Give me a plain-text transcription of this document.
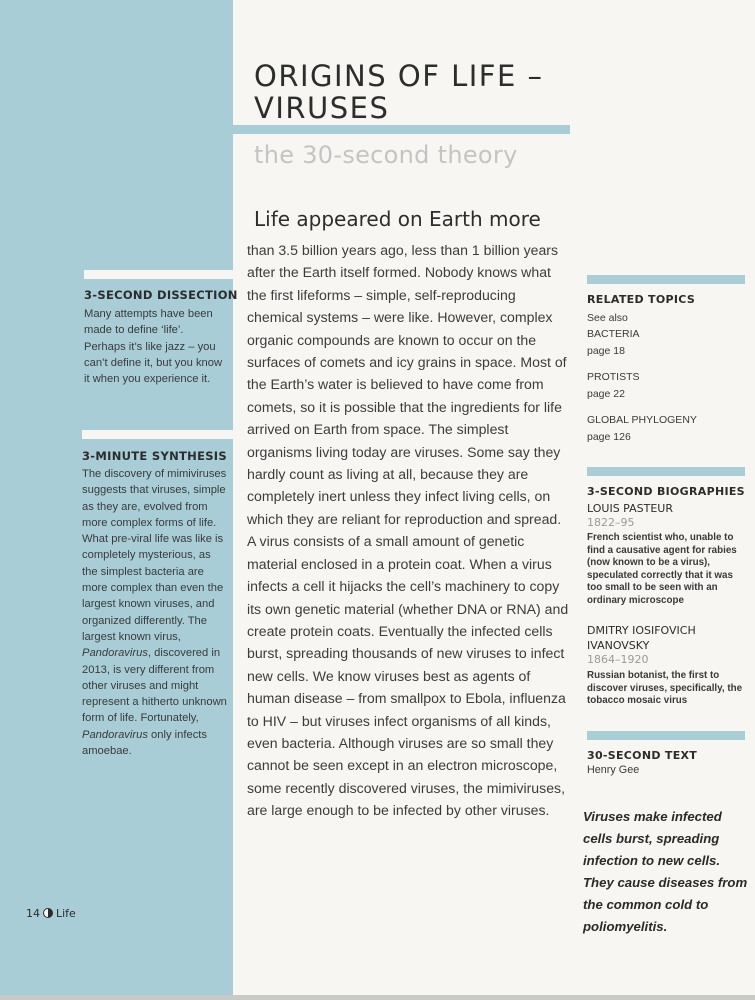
3-SECOND DISSECTION

Many attempts have been made to define ‘life’. Perhaps it’s like jazz – you can’t define it, but you know it when you experience it.

3-MINUTE SYNTHESIS

The discovery of mimiviruses suggests that viruses, simple as they are, evolved from more complex forms of life. What pre-viral life was like is completely mysterious, as the simplest bacteria are more complex than even the largest known viruses, and organized differently. The largest known virus, Pandoravirus, discovered in 2013, is very different from other viruses and might represent a hitherto unknown form of life. Fortunately, Pandoravirus only infects amoebae.

14 Life
ORIGINS OF LIFE – VIRUSES
the 30-second theory

Life appeared on Earth more

than 3.5 billion years ago, less than 1 billion years after the Earth itself formed. Nobody knows what the first lifeforms – simple, self-reproducing chemical systems – were like. However, complex organic compounds are known to occur on the surfaces of comets and icy grains in space. Most of the Earth’s water is believed to have come from comets, so it is possible that the ingredients for life arrived on Earth from space. The simplest organisms living today are viruses. Some say they hardly count as living at all, because they are completely inert unless they infect living cells, on which they are reliant for reproduction and spread. A virus consists of a small amount of genetic material enclosed in a protein coat. When a virus infects a cell it hijacks the cell’s machinery to copy its own genetic material (whether DNA or RNA) and create protein coats. Eventually the infected cells burst, spreading thousands of new viruses to infect new cells. We know viruses best as agents of human disease – from smallpox to Ebola, influenza to HIV – but viruses infect organisms of all kinds, even bacteria. Although viruses are so small they cannot be seen except in an electron microscope, some recently discovered viruses, the mimiviruses, are large enough to be infected by other viruses.

RELATED TOPICS
See also
BACTERIA
page 18
PROTISTS
page 22
GLOBAL PHYLOGENY
page 126
3-SECOND BIOGRAPHIES
LOUIS PASTEUR
1822–95
French scientist who, unable to find a causative agent for rabies (now known to be a virus), speculated correctly that it was too small to be seen with an ordinary microscope
DMITRY IOSIFOVICH IVANOVSKY
1864–1920
Russian botanist, the first to discover viruses, specifically, the tobacco mosaic virus
30-SECOND TEXT
Henry Gee

Viruses make infected cells burst, spreading infection to new cells. They cause diseases from the common cold to poliomyelitis.
